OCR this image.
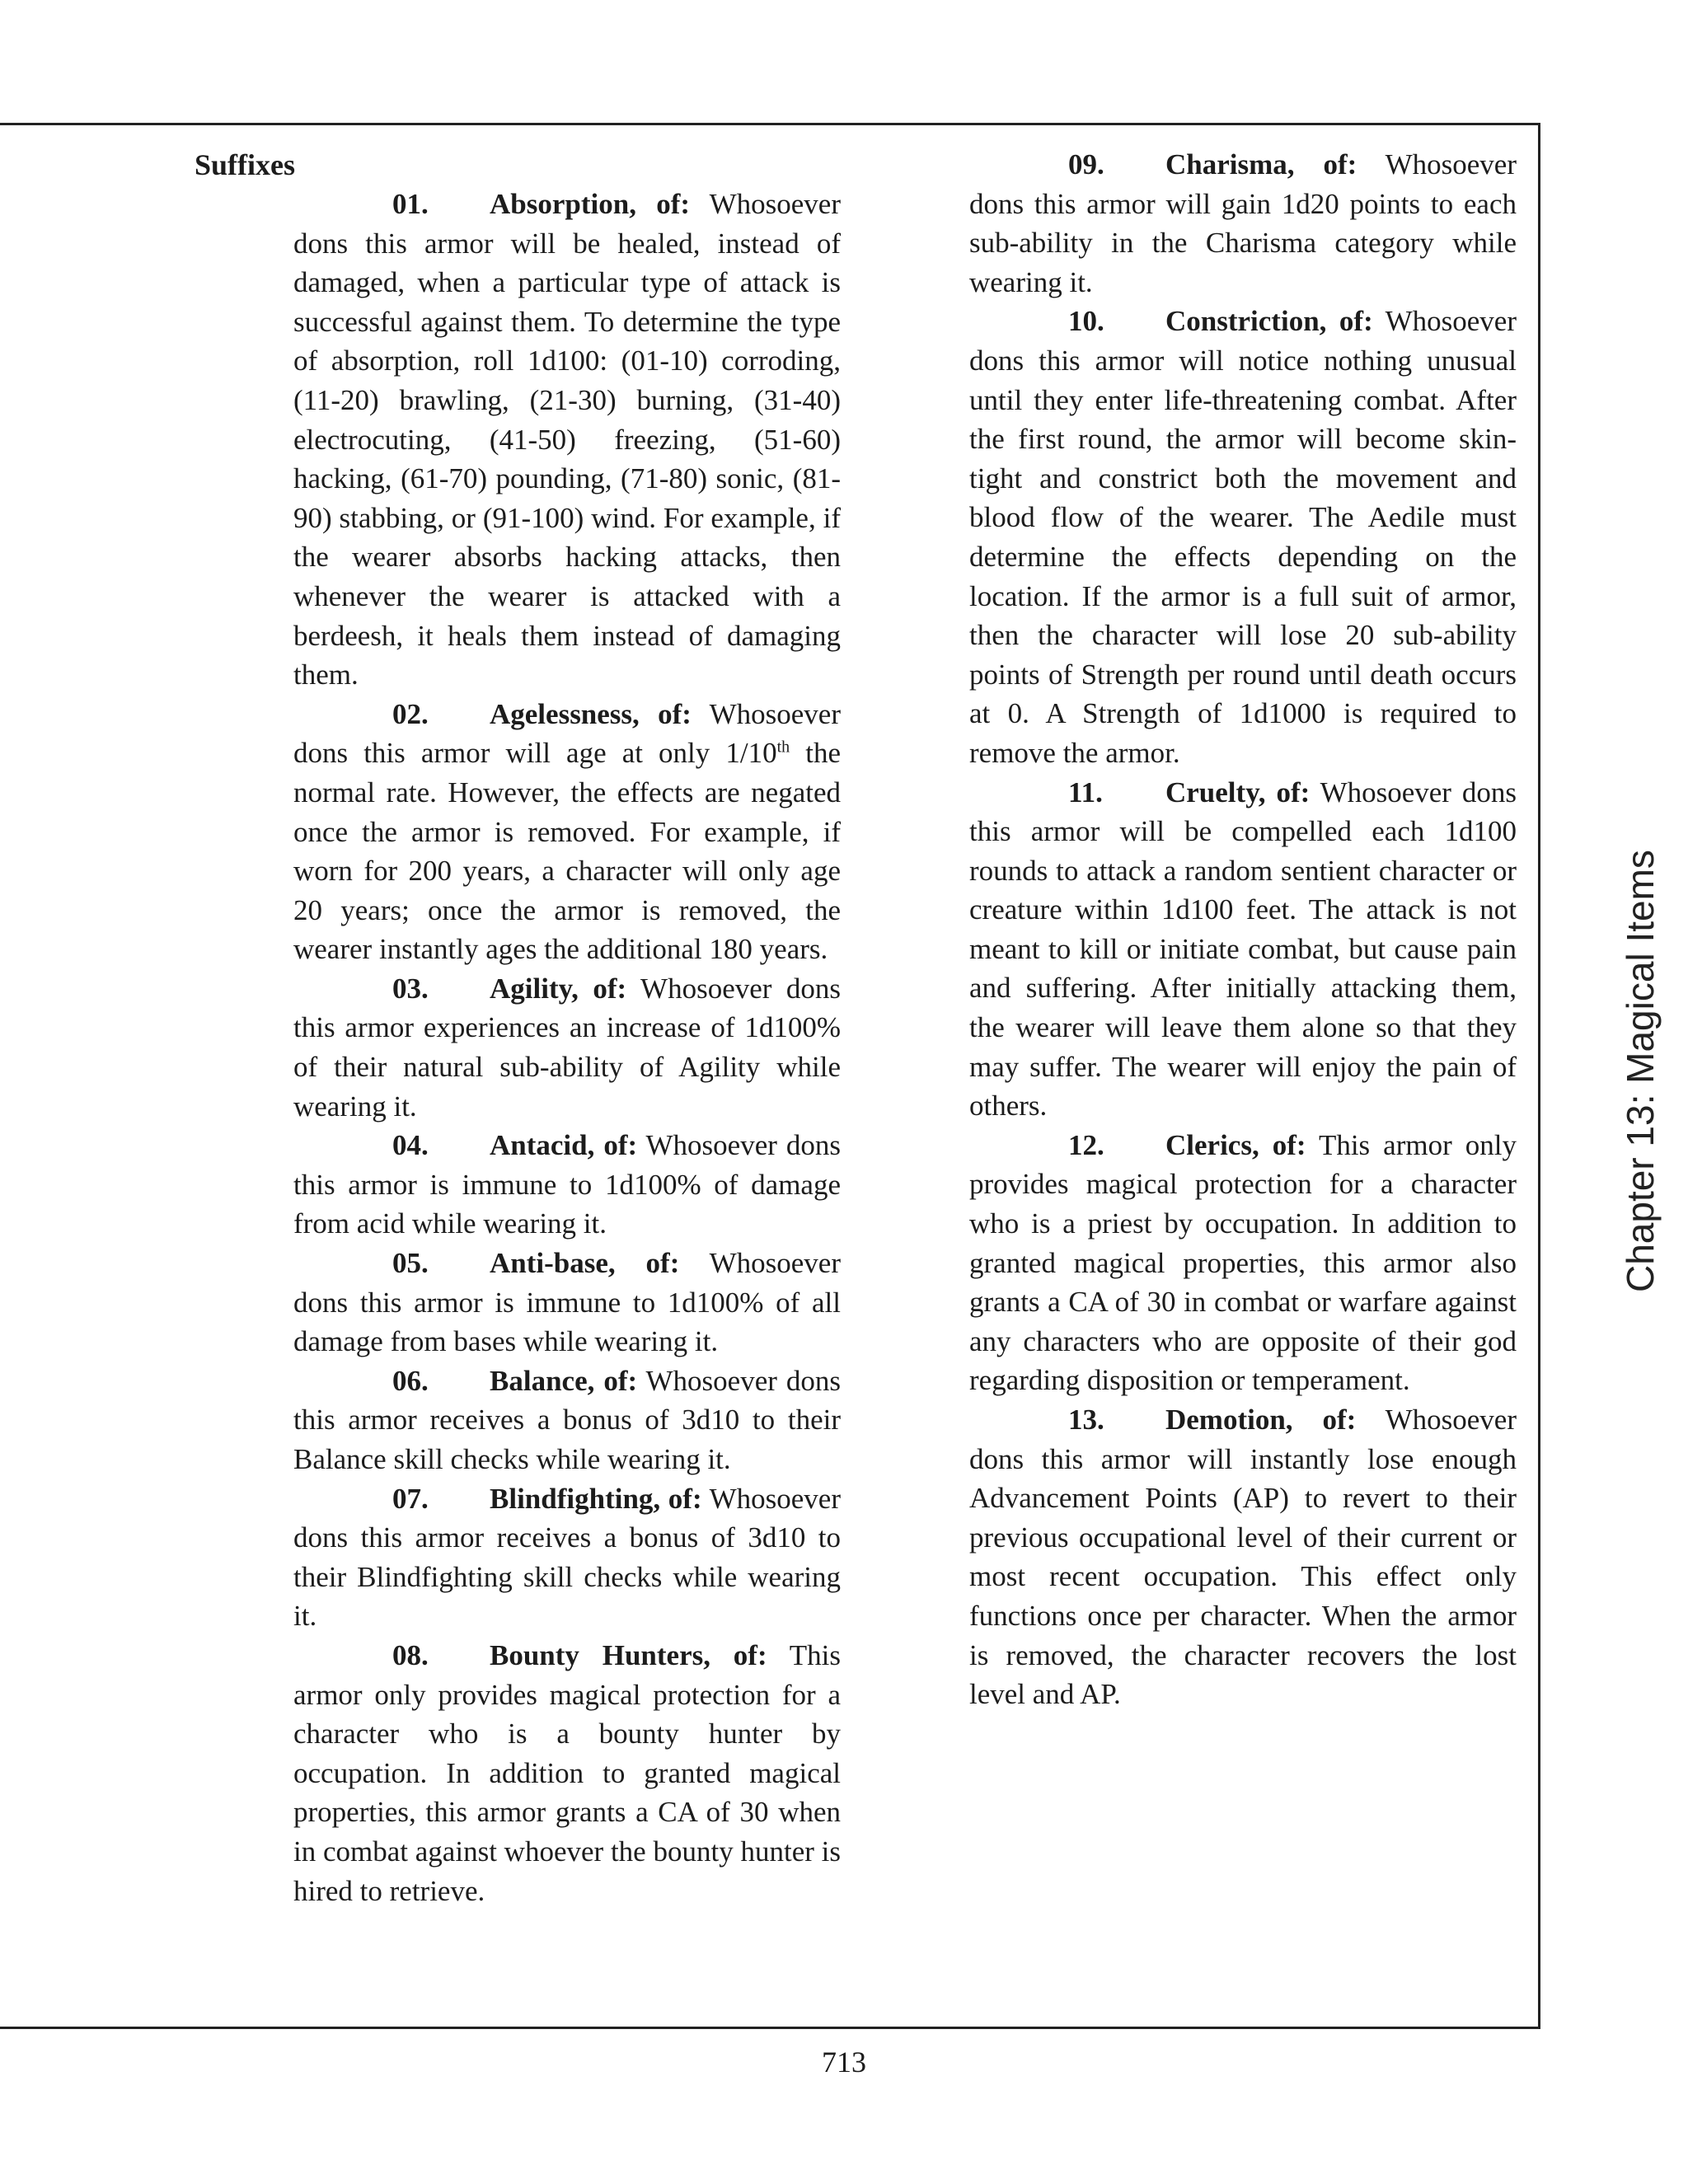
Suffixes

01. Absorption, of: Whosoever dons this armor will be healed, instead of damaged, when a particular type of attack is successful against them. To determine the type of absorption, roll 1d100: (01-10) corroding, (11-20) brawling, (21-30) burning, (31-40) electrocuting, (41-50) freezing, (51-60) hacking, (61-70) pounding, (71-80) sonic, (81-90) stabbing, or (91-100) wind. For example, if the wearer absorbs hacking attacks, then whenever the wearer is attacked with a berdeesh, it heals them instead of damaging them.

02. Agelessness, of: Whosoever dons this armor will age at only 1/10th the normal rate. However, the effects are negated once the armor is removed. For example, if worn for 200 years, a character will only age 20 years; once the armor is removed, the wearer instantly ages the additional 180 years.

03. Agility, of: Whosoever dons this armor experiences an increase of 1d100% of their natural sub-ability of Agility while wearing it.

04. Antacid, of: Whosoever dons this armor is immune to 1d100% of damage from acid while wearing it.

05. Anti-base, of: Whosoever dons this armor is immune to 1d100% of all damage from bases while wearing it.

06. Balance, of: Whosoever dons this armor receives a bonus of 3d10 to their Balance skill checks while wearing it.

07. Blindfighting, of: Whosoever dons this armor receives a bonus of 3d10 to their Blindfighting skill checks while wearing it.

08. Bounty Hunters, of: This armor only provides magical protection for a character who is a bounty hunter by occupation. In addition to granted magical properties, this armor grants a CA of 30 when in combat against whoever the bounty hunter is hired to retrieve.

09. Charisma, of: Whosoever dons this armor will gain 1d20 points to each sub-ability in the Charisma category while wearing it.

10. Constriction, of: Whosoever dons this armor will notice nothing unusual until they enter life-threatening combat. After the first round, the armor will become skin-tight and constrict both the movement and blood flow of the wearer. The Aedile must determine the effects depending on the location. If the armor is a full suit of armor, then the character will lose 20 sub-ability points of Strength per round until death occurs at 0. A Strength of 1d1000 is required to remove the armor.

11. Cruelty, of: Whosoever dons this armor will be compelled each 1d100 rounds to attack a random sentient character or creature within 1d100 feet. The attack is not meant to kill or initiate combat, but cause pain and suffering. After initially attacking them, the wearer will leave them alone so that they may suffer. The wearer will enjoy the pain of others.

12. Clerics, of: This armor only provides magical protection for a character who is a priest by occupation. In addition to granted magical properties, this armor also grants a CA of 30 in combat or warfare against any characters who are opposite of their god regarding disposition or temperament.

13. Demotion, of: Whosoever dons this armor will instantly lose enough Advancement Points (AP) to revert to their previous occupational level of their current or most recent occupation. This effect only functions once per character. When the armor is removed, the character recovers the lost level and AP.

Chapter 13: Magical Items
713
